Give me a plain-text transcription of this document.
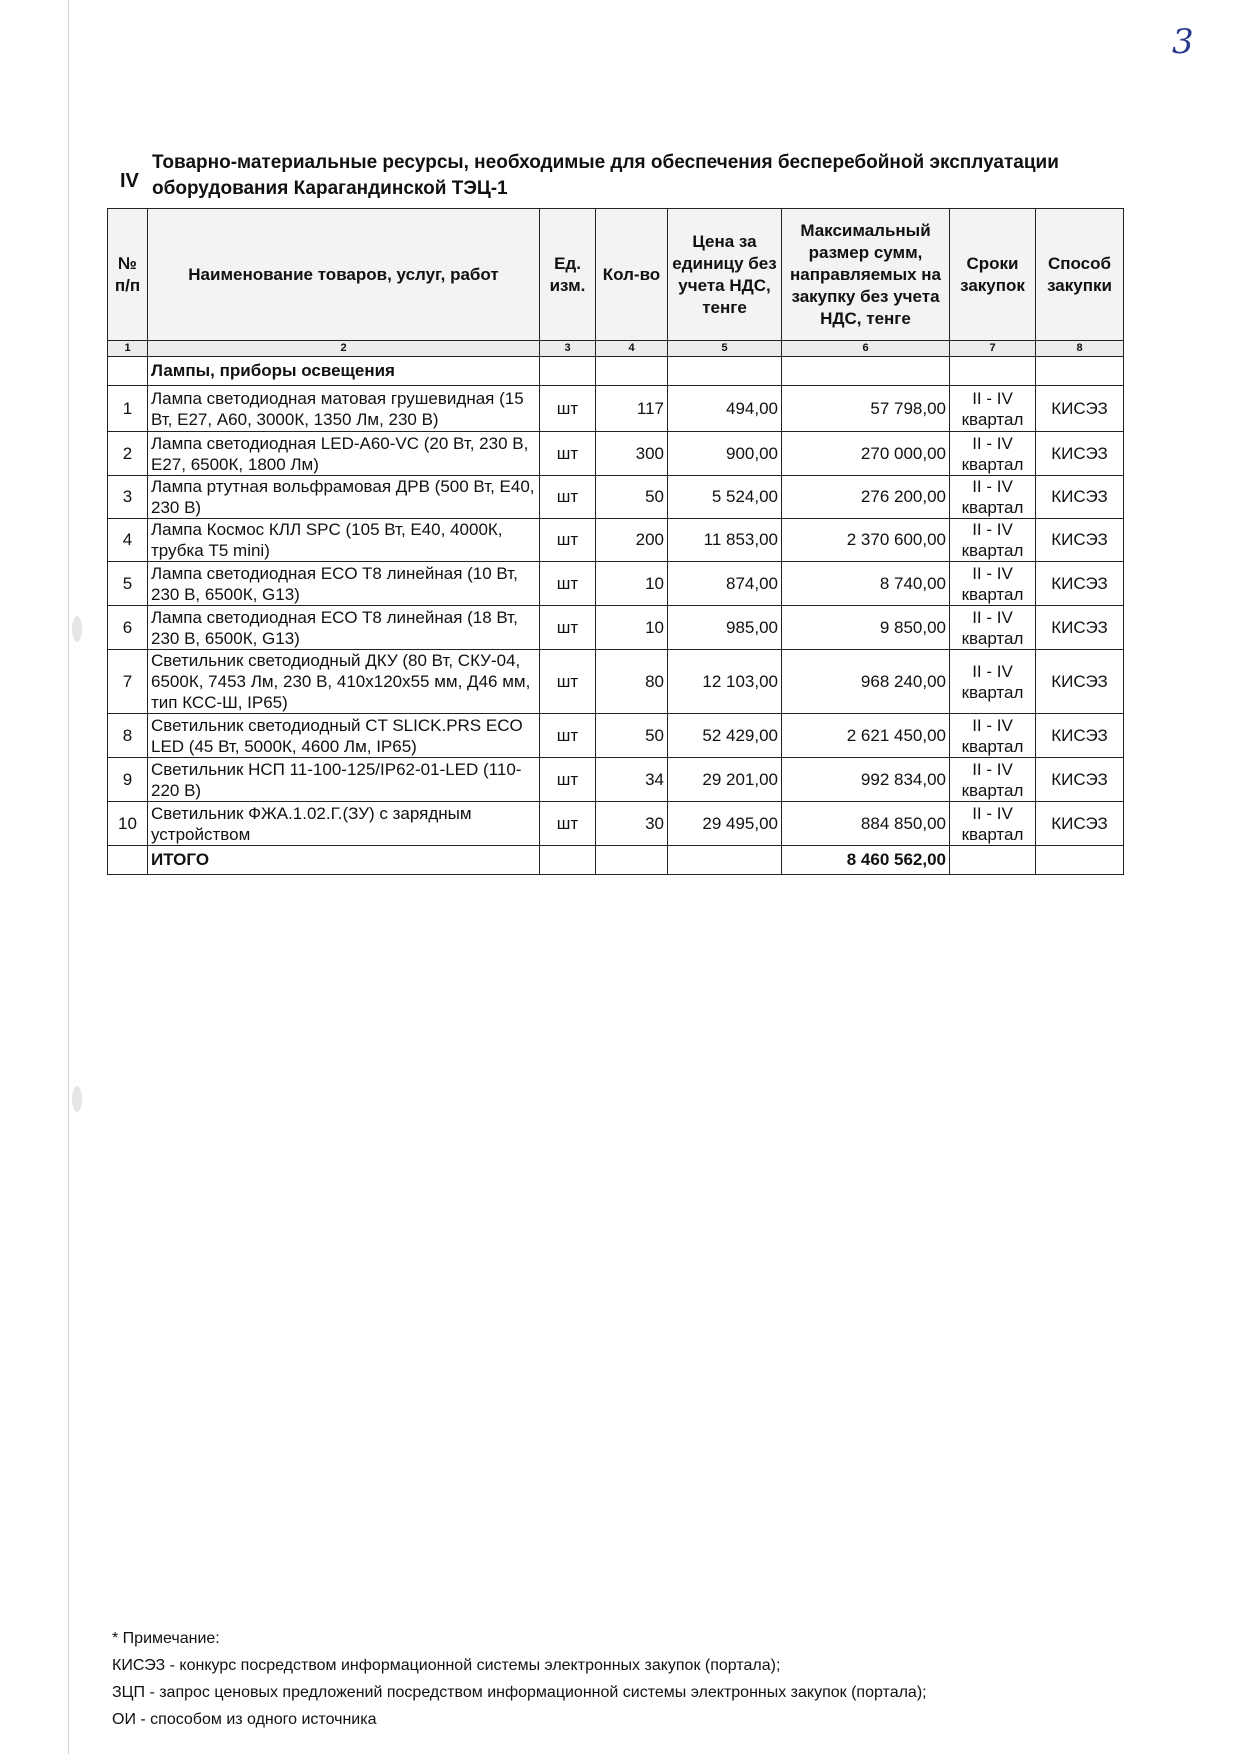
3
IV
Товарно-материальные ресурсы, необходимые для обеспечения бесперебойной эксплуатации оборудования Карагандинской ТЭЦ-1
№ п/п	Наименование товаров, услуг, работ	Ед. изм.	Кол-во	Цена за единицу без учета НДС, тенге	Максимальный размер сумм, направляемых на закупку без учета НДС, тенге	Сроки закупок	Способ закупки
1	2	3	4	5	6	7	8
	Лампы, приборы освещения						
1	Лампа светодиодная матовая грушевидная (15 Вт, Е27, А60, 3000К, 1350 Лм, 230 В)	шт	117	494,00	57 798,00	II - IV квартал	КИСЭЗ
2	Лампа светодиодная LED-A60-VC (20 Вт, 230 В, Е27, 6500К, 1800 Лм)	шт	300	900,00	270 000,00	II - IV квартал	КИСЭЗ
3	Лампа ртутная вольфрамовая ДРВ (500 Вт, Е40, 230 В)	шт	50	5 524,00	276 200,00	II - IV квартал	КИСЭЗ
4	Лампа Космос КЛЛ SPC (105 Вт, Е40, 4000К, трубка Т5 mini)	шт	200	11 853,00	2 370 600,00	II - IV квартал	КИСЭЗ
5	Лампа светодиодная ECO T8 линейная (10 Вт, 230 В, 6500К, G13)	шт	10	874,00	8 740,00	II - IV квартал	КИСЭЗ
6	Лампа светодиодная ECO T8 линейная (18 Вт, 230 В, 6500К, G13)	шт	10	985,00	9 850,00	II - IV квартал	КИСЭЗ
7	Светильник светодиодный ДКУ (80 Вт, СКУ-04, 6500К, 7453 Лм, 230 В, 410x120x55 мм, Д46 мм, тип КСС-Ш, IP65)	шт	80	12 103,00	968 240,00	II - IV квартал	КИСЭЗ
8	Светильник светодиодный CT SLICK.PRS ECO LED (45 Вт, 5000К, 4600 Лм, IP65)	шт	50	52 429,00	2 621 450,00	II - IV квартал	КИСЭЗ
9	Светильник НСП 11-100-125/IP62-01-LED (110-220 В)	шт	34	29 201,00	992 834,00	II - IV квартал	КИСЭЗ
10	Светильник ФЖА.1.02.Г.(ЗУ) с зарядным устройством	шт	30	29 495,00	884 850,00	II - IV квартал	КИСЭЗ
	ИТОГО				8 460 562,00		
* Примечание:
КИСЭЗ - конкурс посредством информационной системы электронных закупок (портала);
ЗЦП - запрос ценовых предложений посредством информационной системы электронных закупок (портала);
ОИ - способом из одного источника
